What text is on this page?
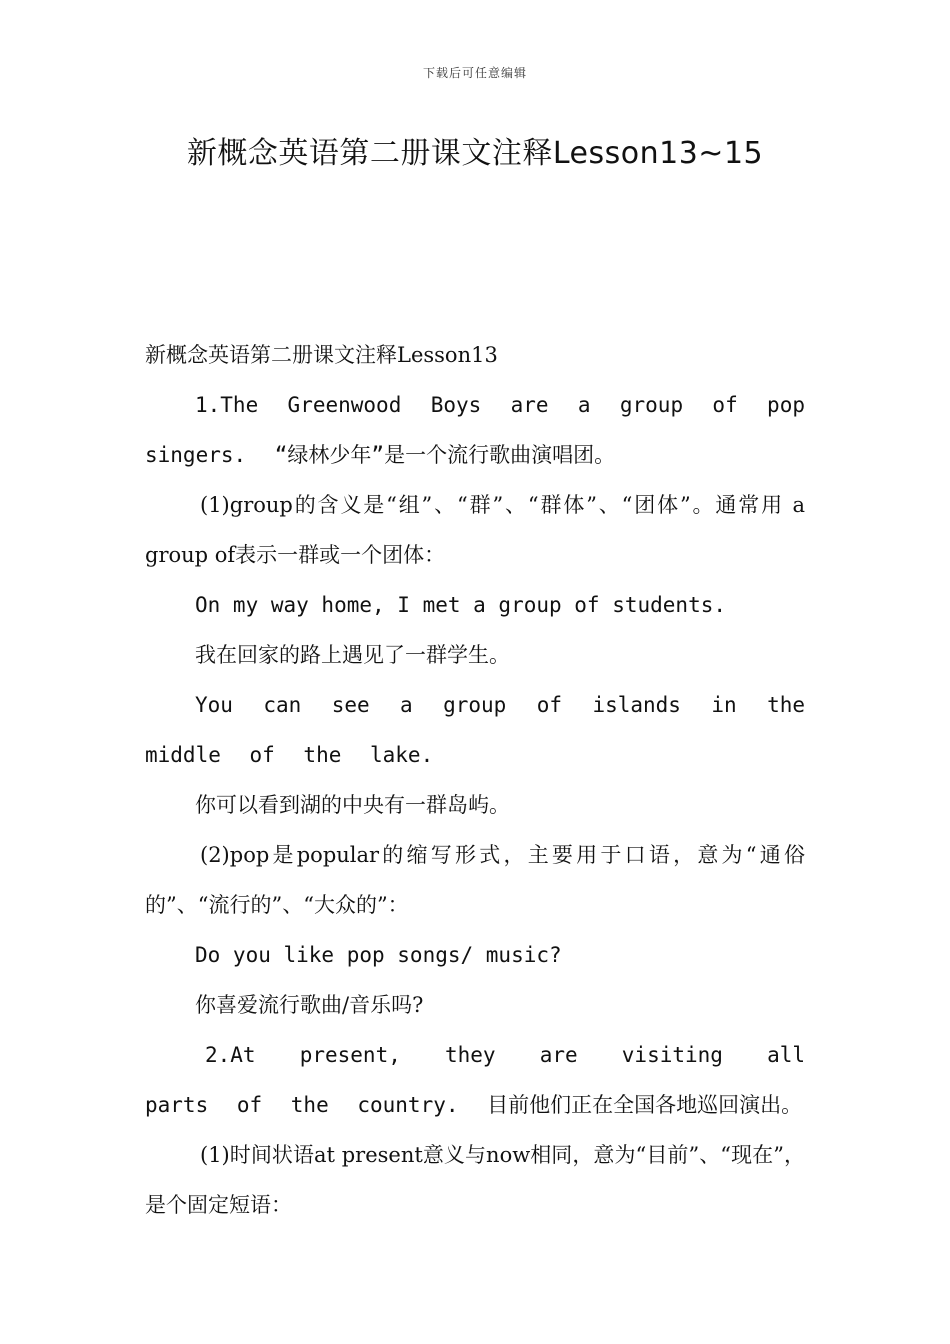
下载后可任意编辑
新概念英语第二册课文注释Lesson13~15

新概念英语第二册课文注释Lesson13

1.The Greenwood Boys are a group of pop singers. “绿林少年”是一个流行歌曲演唱团。

(1)group的含义是“组”、“群”、“群体”、“团体”。通常用 a group of表示一群或一个团体：

On my way home, I met a group of students.

我在回家的路上遇见了一群学生。

You can see a group of islands in the middle of the lake.

你可以看到湖的中央有一群岛屿。

(2)pop是popular的缩写形式，主要用于口语，意为“通俗的”、“流行的”、“大众的”：

Do you like pop songs/ music?

你喜爱流行歌曲/音乐吗?

2.At present, they are visiting all parts of the country. 目前他们正在全国各地巡回演出。

(1)时间状语at present意义与now相同，意为“目前”、“现在”，是个固定短语：
